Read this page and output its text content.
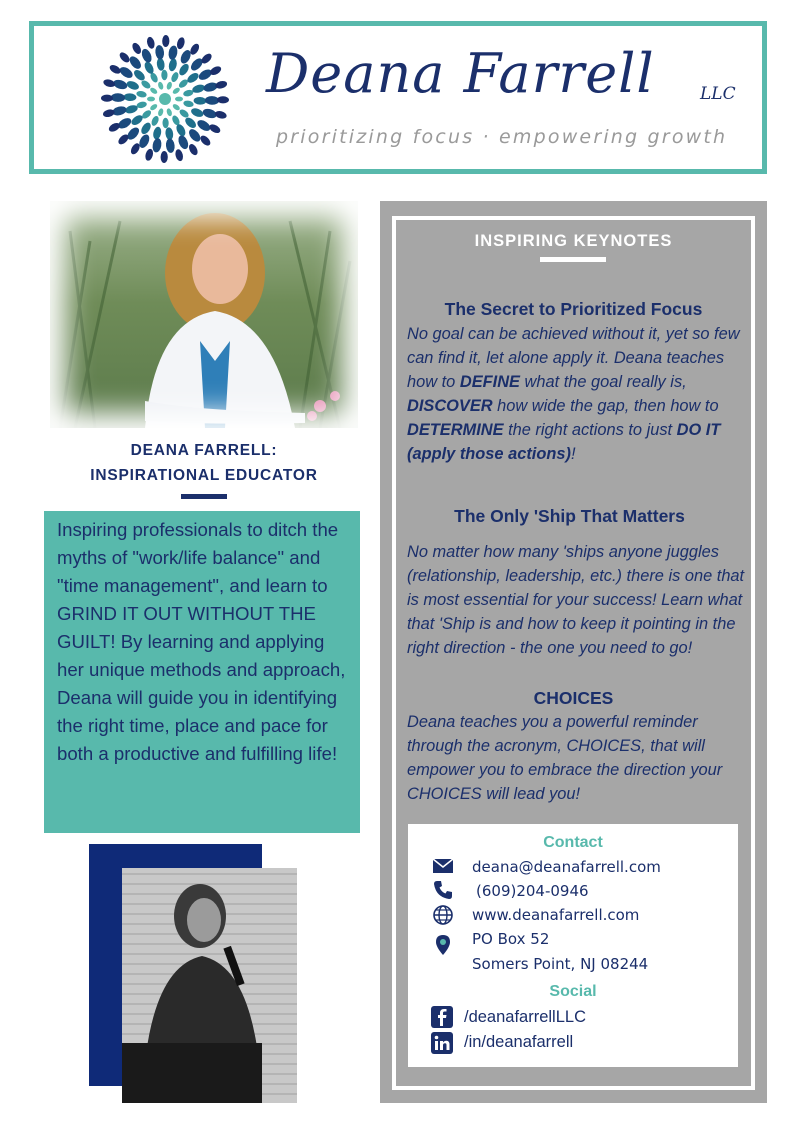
Deana Farrell	LLC
prioritizing focus · empowering growth
DEANA FARRELL:
INSPIRATIONAL EDUCATOR
Inspiring professionals to ditch the myths of "work/life balance" and "time management", and learn to GRIND IT OUT WITHOUT THE GUILT! By learning and applying her unique methods and approach, Deana will guide you in identifying the right time, place and pace for both a productive and fulfilling life!
INSPIRING KEYNOTES
The Secret to Prioritized Focus
No goal can be achieved without it, yet so few can find it, let alone apply it. Deana teaches how to DEFINE what the goal really is, DISCOVER how wide the gap, then how to DETERMINE the right actions to just DO IT (apply those actions)!
The Only 'Ship That Matters
No matter how many 'ships anyone juggles (relationship, leadership, etc.) there is one that is most essential for your success! Learn what that 'Ship is and how to keep it pointing in the right direction - the one you need to go!
CHOICES
Deana teaches you a powerful reminder through the acronym, CHOICES, that will empower you to embrace the direction your CHOICES will lead you!
Contact
deana@deanafarrell.com
(609)204-0946
www.deanafarrell.com
PO Box 52
Somers Point, NJ 08244
Social
/deanafarrellLLC
/in/deanafarrell
